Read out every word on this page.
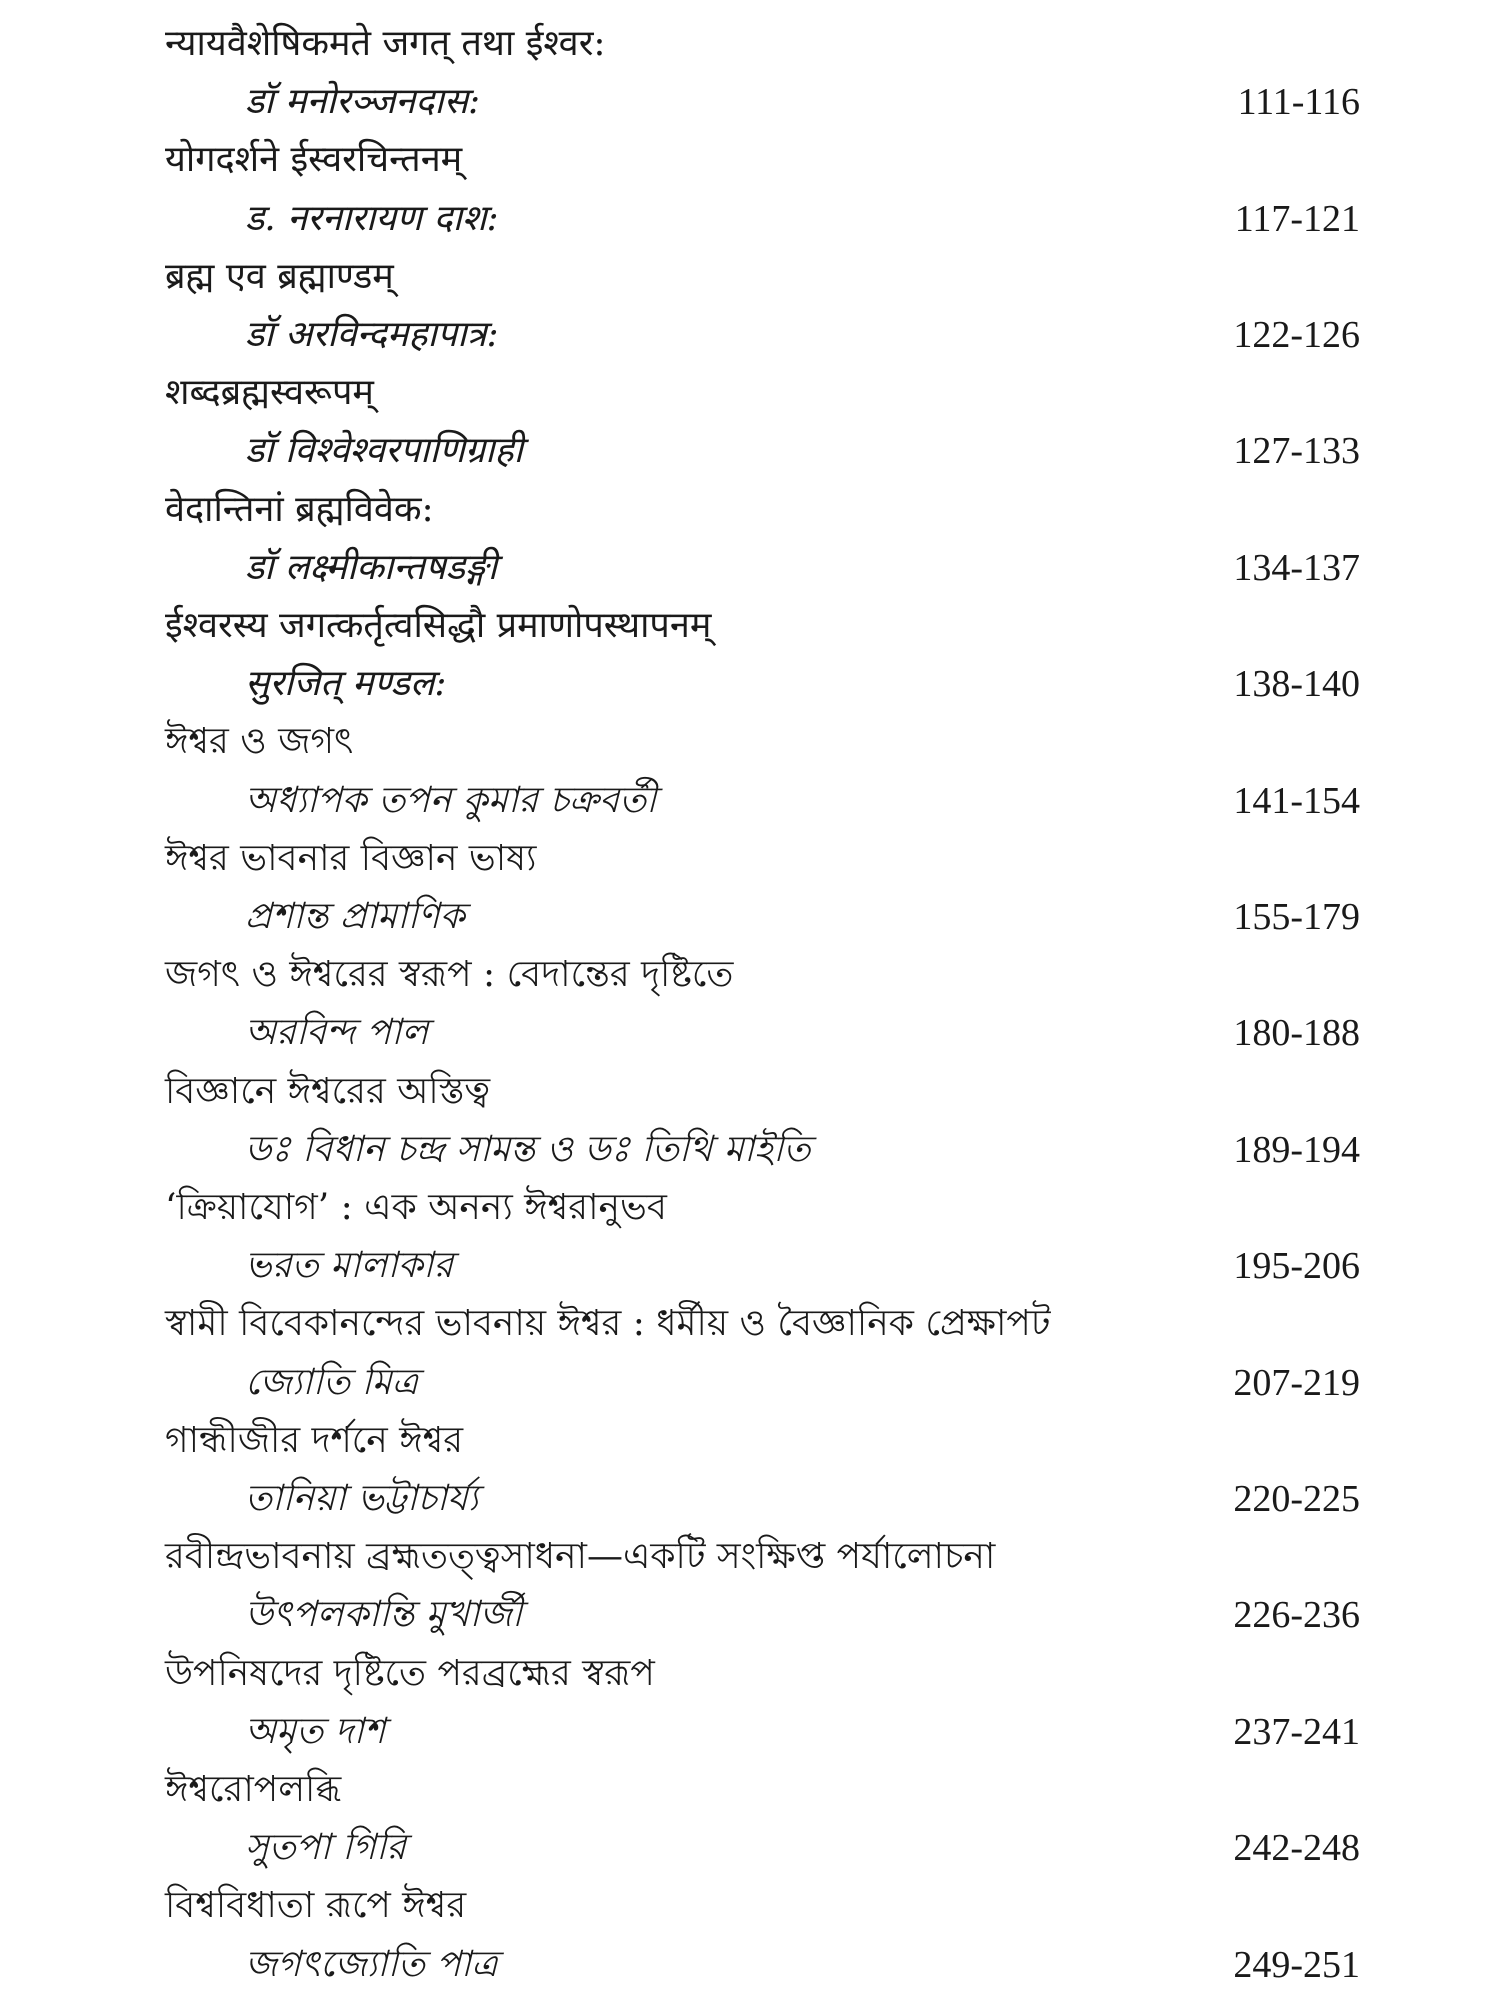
न्यायवैशेषिकमते जगत् तथा ईश्वर:
डॉ मनोरञ्जनदास:	111-116
योगदर्शने ईस्वरचिन्तनम्
ड. नरनारायण दाश:	117-121
ब्रह्म एव ब्रह्माण्डम्
डॉ अरविन्दमहापात्र:	122-126
शब्दब्रह्मस्वरूपम्
डॉ विश्वेश्वरपाणिग्राही	127-133
वेदान्तिनां ब्रह्मविवेक:
डॉ लक्ष्मीकान्तषडङ्गी	134-137
ईश्वरस्य जगत्कर्तृत्वसिद्धौ प्रमाणोपस्थापनम्
सुरजित् मण्डल:	138-140
ঈশ্বর ও জগৎ
অধ্যাপক তপন কুমার চক্রবর্তী	141-154
ঈশ্বর ভাবনার বিজ্ঞান ভাষ্য
প্রশান্ত প্রামাণিক	155-179
জগৎ ও ঈশ্বরের স্বরূপ : বেদান্তের দৃষ্টিতে
অরবিন্দ পাল	180-188
বিজ্ঞানে ঈশ্বরের অস্তিত্ব
ডঃ বিধান চন্দ্র সামন্ত ও ডঃ তিথি মাইতি	189-194
‘ক্রিয়াযোগ’ : এক অনন্য ঈশ্বরানুভব
ভরত মালাকার	195-206
স্বামী বিবেকানন্দের ভাবনায় ঈশ্বর : ধর্মীয় ও বৈজ্ঞানিক প্রেক্ষাপট
জ্যোতি মিত্র	207-219
গান্ধীজীর দর্শনে ঈশ্বর
তানিয়া ভট্টাচার্য্য	220-225
রবীন্দ্রভাবনায় ব্রহ্মতত্ত্বসাধনা—একটি সংক্ষিপ্ত পর্যালোচনা
উৎপলকান্তি মুখার্জী	226-236
উপনিষদের দৃষ্টিতে পরব্রহ্মের স্বরূপ
অমৃত দাশ	237-241
ঈশ্বরোপলব্ধি
সুতপা গিরি	242-248
বিশ্ববিধাতা রূপে ঈশ্বর
জগৎজ্যোতি পাত্র	249-251
